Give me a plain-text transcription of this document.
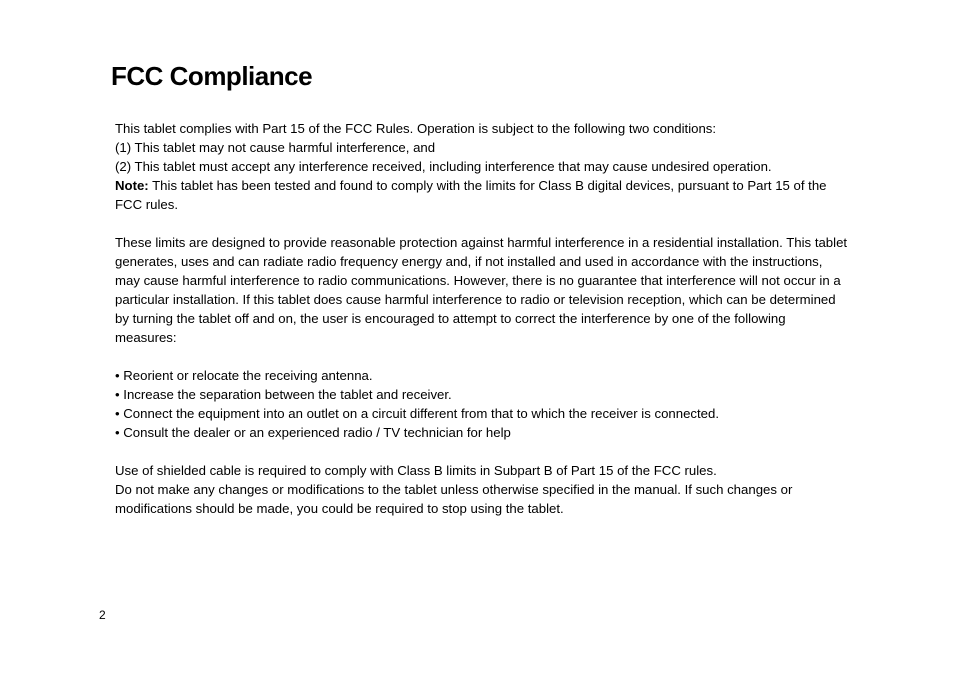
FCC Compliance

This tablet complies with Part 15 of the FCC Rules. Operation is subject to the following two conditions:

(1) This tablet may not cause harmful interference, and

(2) This tablet must accept any interference received, including interference that may cause undesired operation.

Note: This tablet has been tested and found to comply with the limits for Class B digital devices, pursuant to Part 15 of the FCC rules.

These limits are designed to provide reasonable protection against harmful interference in a residential installation. This tablet generates, uses and can radiate radio frequency energy and, if not installed and used in accordance with the instructions, may cause harmful interference to radio communications. However, there is no guarantee that interference will not occur in a particular installation. If this tablet does cause harmful interference to radio or television reception, which can be determined by turning the tablet off and on, the user is encouraged to attempt to correct the interference by one of the following measures:

• Reorient or relocate the receiving antenna.
• Increase the separation between the tablet and receiver.
• Connect the equipment into an outlet on a circuit different from that to which the receiver is connected.
• Consult the dealer or an experienced radio / TV technician for help

Use of shielded cable is required to comply with Class B limits in Subpart B of Part 15 of the FCC rules.

Do not make any changes or modifications to the tablet unless otherwise specified in the manual. If such changes or modifications should be made, you could be required to stop using the tablet.

2
